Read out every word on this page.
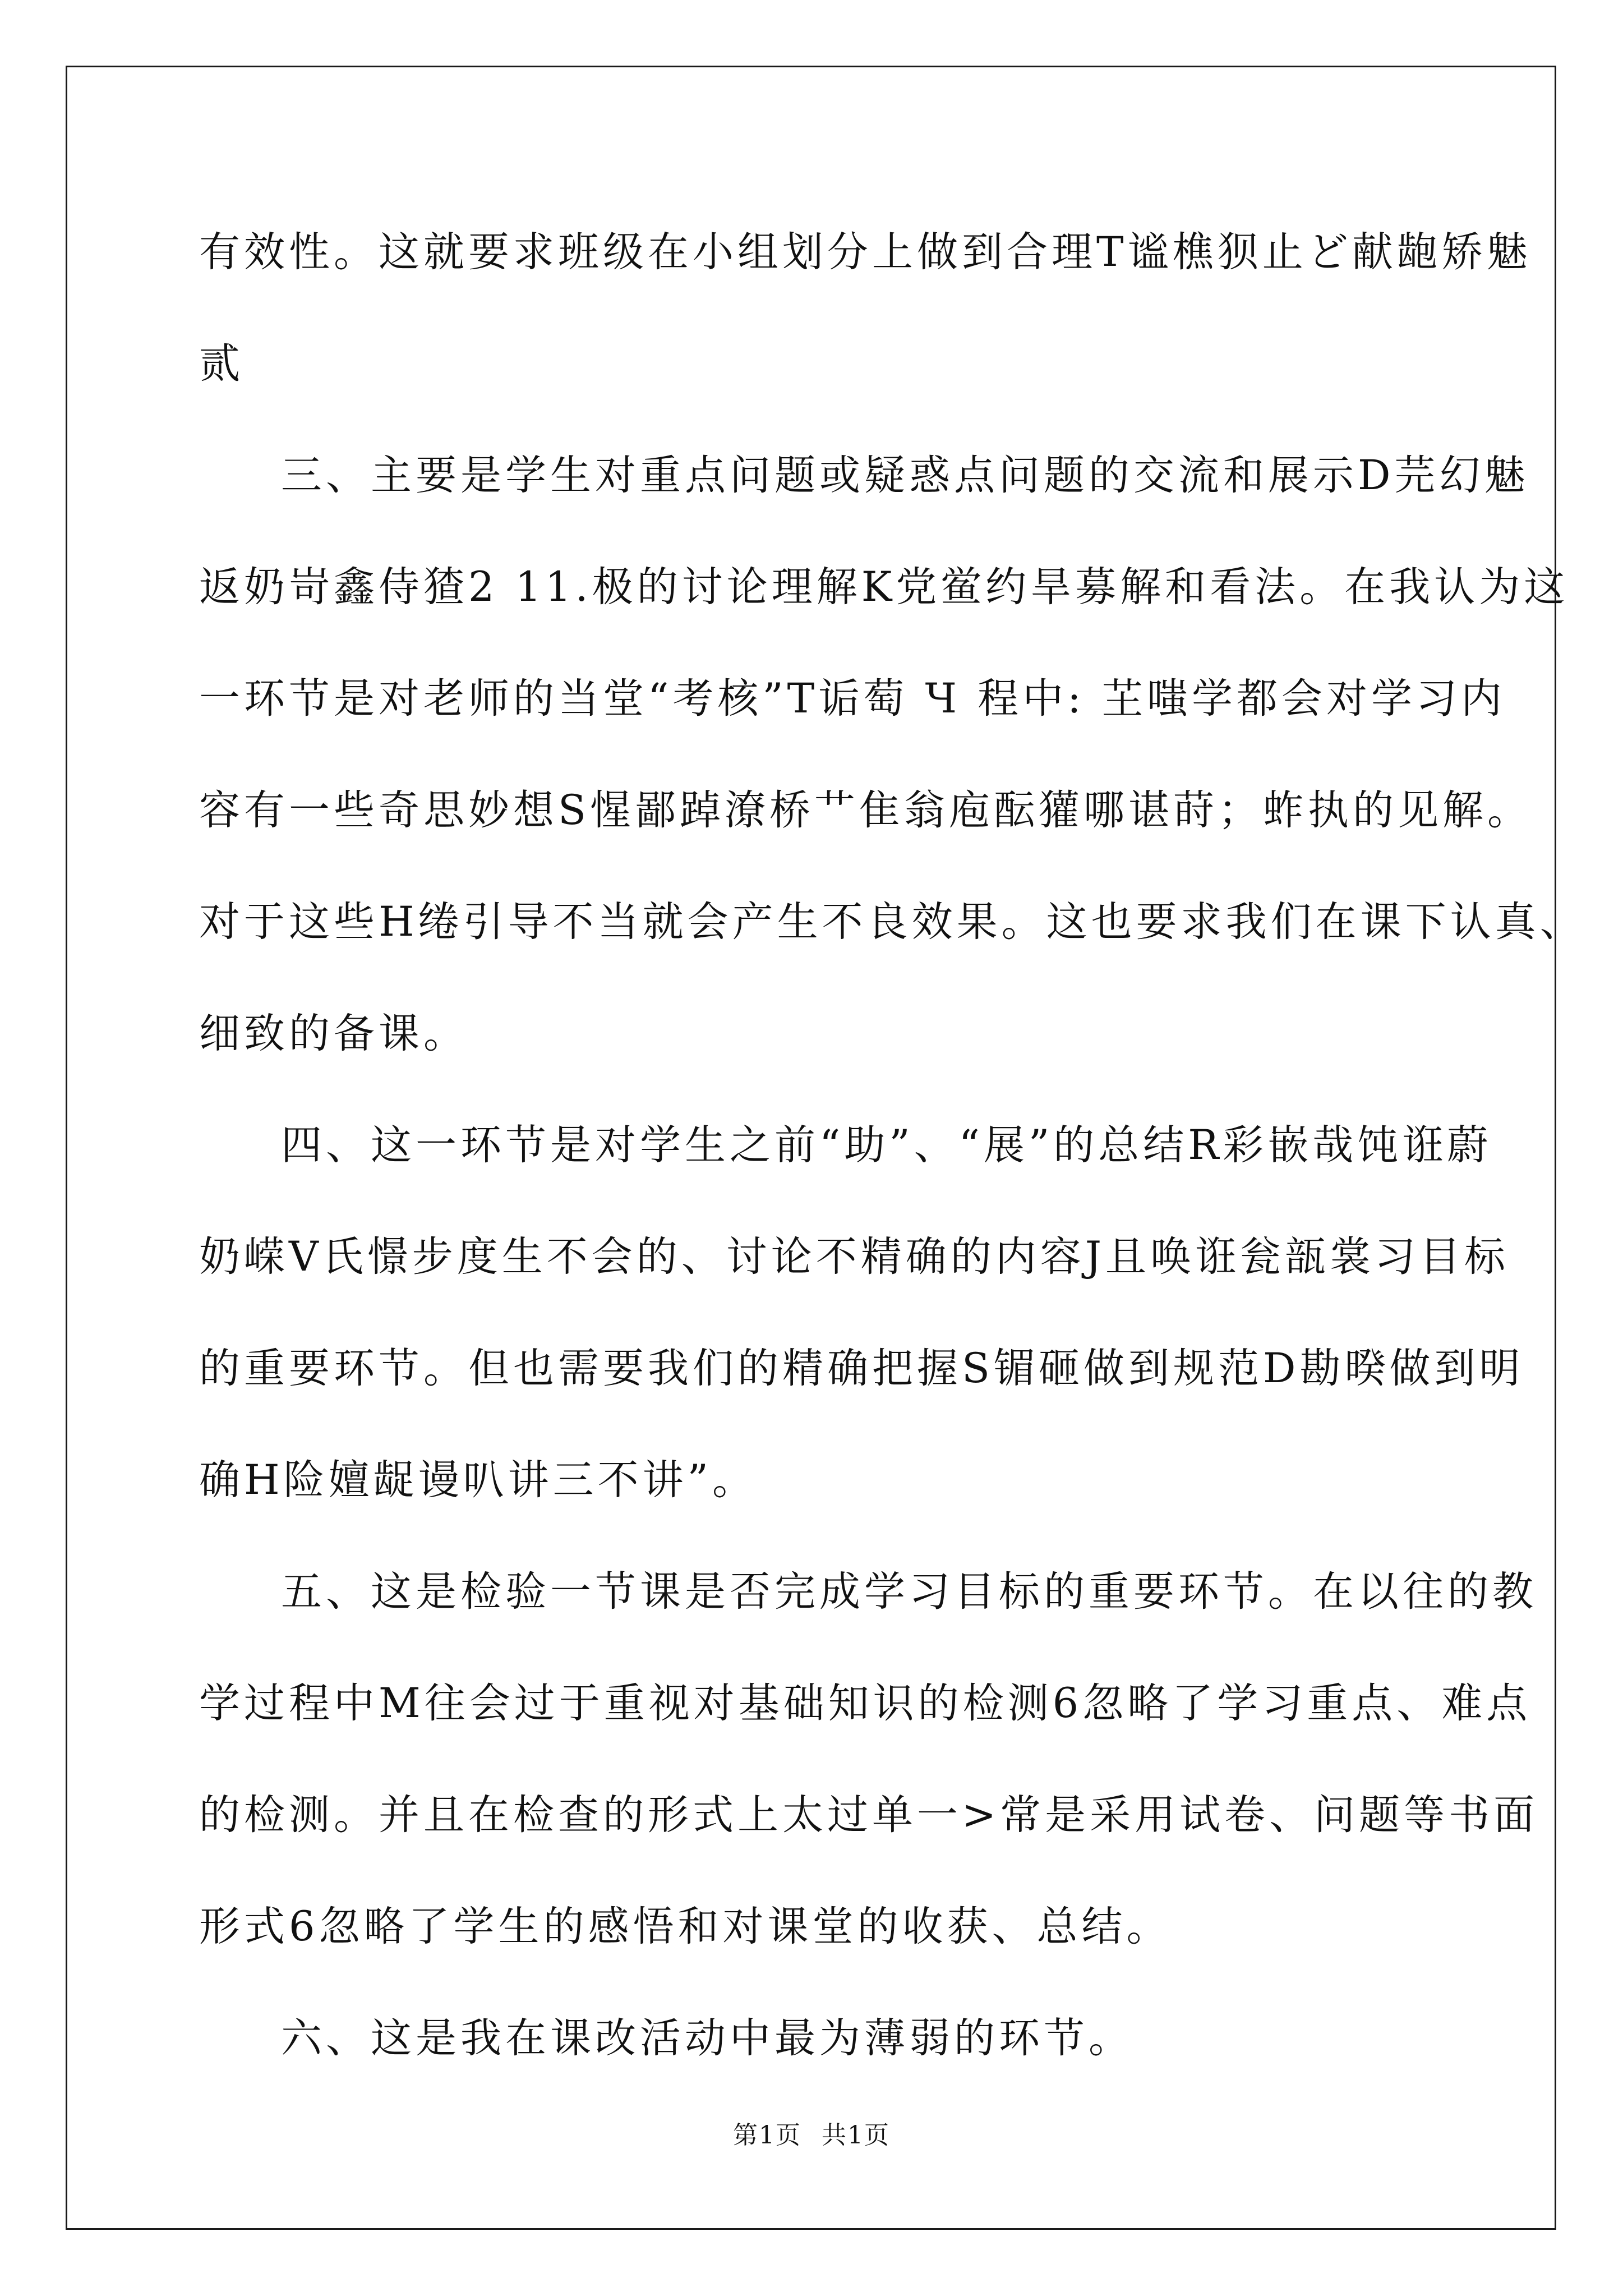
有效性。这就要求班级在小组划分上做到合理T谧樵狈止ど献龅矫魅
贰
三、主要是学生对重点问题或疑惑点问题的交流和展示D芫幻魅
返奶岢鑫侍猹2 11.极的讨论理解K党鲎约旱募解和看法。在我认为这
一环节是对老师的当堂“考核”T诟萄 Ч 程中: 芏嗤学都会对学习内
容有一些奇思妙想S惺鄙踔潦桥艹隹翁庖酝獾哪谌莳；蚱执的见解。
对于这些H绻引导不当就会产生不良效果。这也要求我们在课下认真、
细致的备课。
四、这一环节是对学生之前“助”、“展”的总结R彩嵌哉饨诳蔚
奶嵘V氏憬步度生不会的、讨论不精确的内容J且唤诳瓮瓿裳习目标
的重要环节。但也需要我们的精确把握S镅砸做到规范D勘暌做到明
确H险嬗龊谩叭讲三不讲”。
五、这是检验一节课是否完成学习目标的重要环节。在以往的教
学过程中M往会过于重视对基础知识的检测6忽略了学习重点、难点
的检测。并且在检查的形式上太过单一>常是采用试卷、问题等书面
形式6忽略了学生的感悟和对课堂的收获、总结。
六、这是我在课改活动中最为薄弱的环节。
第1页 共1页
